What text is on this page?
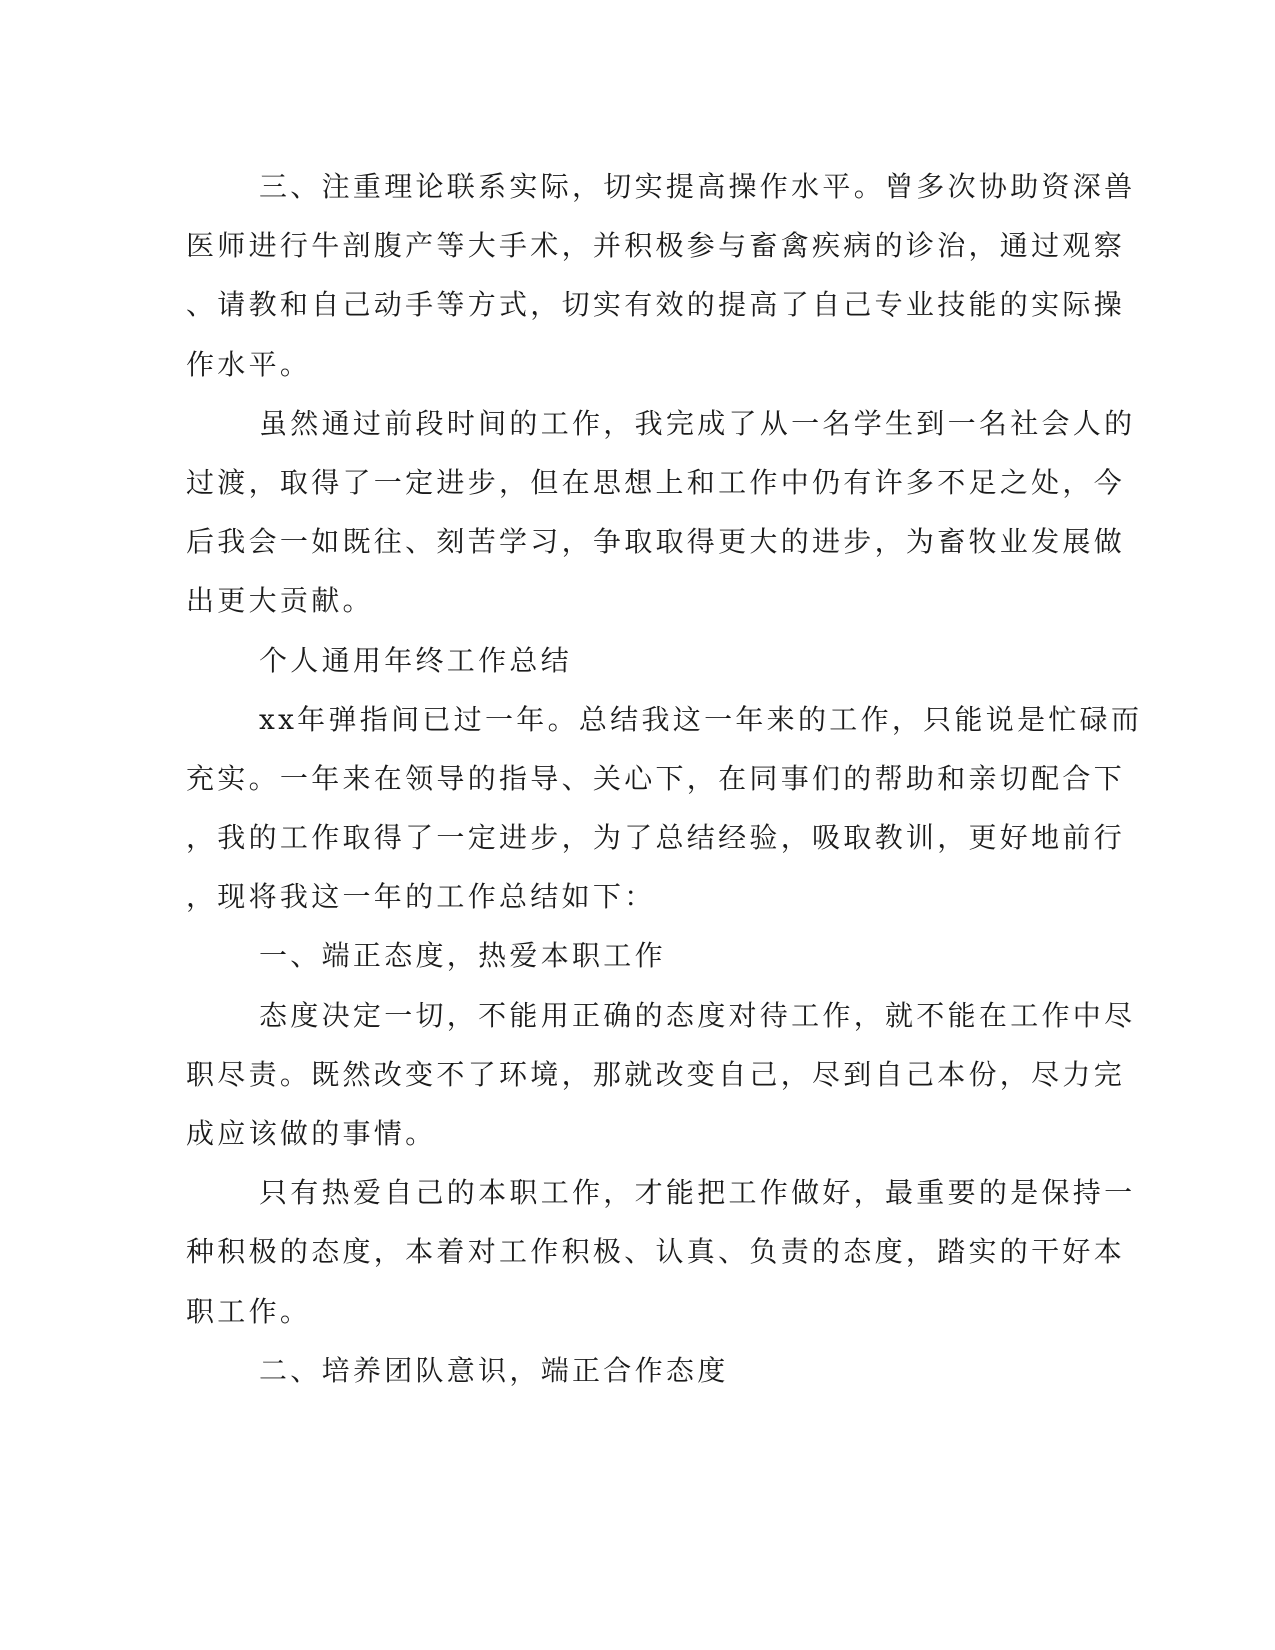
三、注重理论联系实际，切实提高操作水平。曾多次协助资深兽
医师进行牛剖腹产等大手术，并积极参与畜禽疾病的诊治，通过观察
、请教和自己动手等方式，切实有效的提高了自己专业技能的实际操
作水平。
虽然通过前段时间的工作，我完成了从一名学生到一名社会人的
过渡，取得了一定进步，但在思想上和工作中仍有许多不足之处，今
后我会一如既往、刻苦学习，争取取得更大的进步，为畜牧业发展做
出更大贡献。
个人通用年终工作总结
xx年弹指间已过一年。总结我这一年来的工作，只能说是忙碌而
充实。一年来在领导的指导、关心下，在同事们的帮助和亲切配合下
，我的工作取得了一定进步，为了总结经验，吸取教训，更好地前行
，现将我这一年的工作总结如下：
一、端正态度，热爱本职工作
态度决定一切，不能用正确的态度对待工作，就不能在工作中尽
职尽责。既然改变不了环境，那就改变自己，尽到自己本份，尽力完
成应该做的事情。
只有热爱自己的本职工作，才能把工作做好，最重要的是保持一
种积极的态度，本着对工作积极、认真、负责的态度，踏实的干好本
职工作。
二、培养团队意识，端正合作态度
